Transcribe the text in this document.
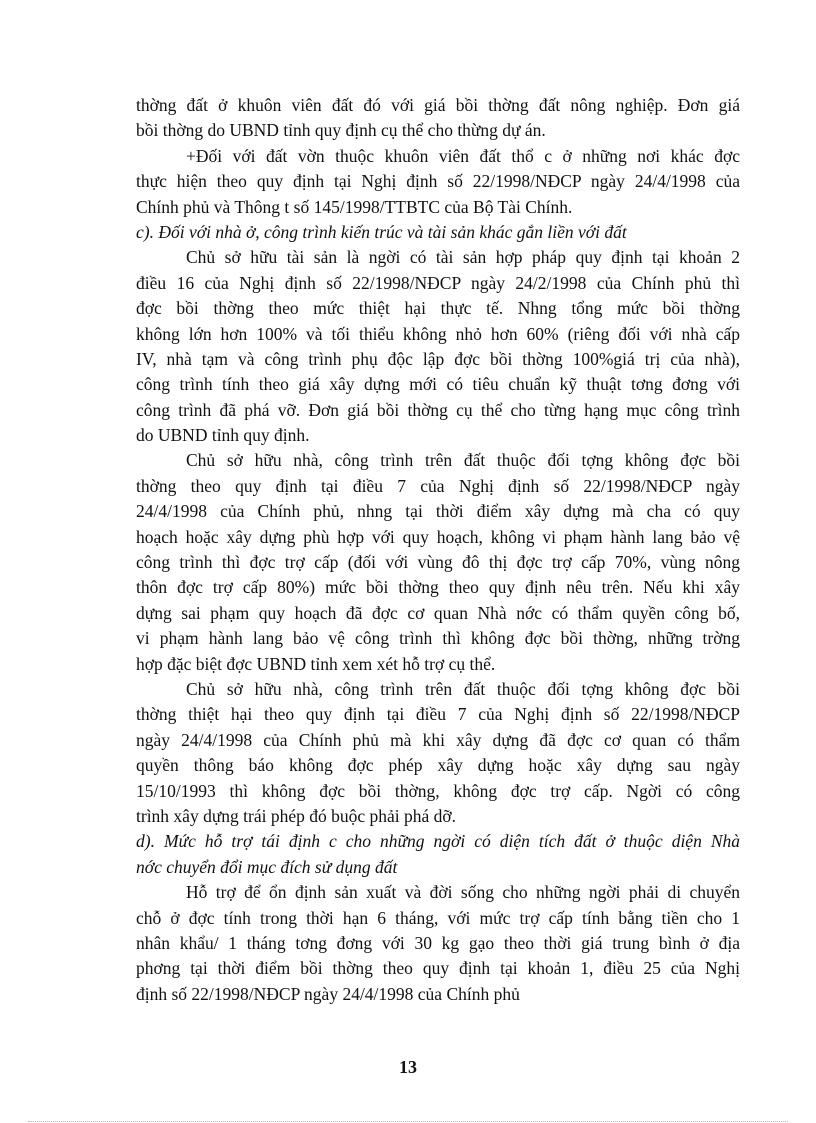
thờng đất ở khuôn viên đất đó với giá bồi thờng đất nông nghiệp. Đơn giá
bồi thờng do UBND tỉnh quy định cụ thể cho thừng dự án.
+Đối với đất vờn thuộc khuôn viên đất thổ c ở những nơi khác đợc
thực hiện theo quy định tại Nghị định số 22/1998/NĐCP ngày 24/4/1998 của
Chính phủ và Thông t số 145/1998/TTBTC của Bộ Tài Chính.
c). Đối với nhà ở, công trình kiến trúc và tài sản khác gắn liền với đất
Chủ sở hữu tài sản là ngời có tài sản hợp pháp quy định tại khoản 2
điều 16 của Nghị định số 22/1998/NĐCP ngày 24/2/1998 của Chính phủ thì
đợc bồi thờng theo mức thiệt hại thực tế. Nhng tổng mức bồi thờng
không lớn hơn 100% và tối thiểu không nhỏ hơn 60% (riêng đối với nhà cấp
IV, nhà tạm và công trình phụ độc lập đợc bồi thờng 100%giá trị của nhà),
công trình tính theo giá xây dựng mới có tiêu chuẩn kỹ thuật tơng đơng với
công trình đã phá vỡ. Đơn giá bồi thờng cụ thể cho từng hạng mục công trình
do UBND tỉnh quy định.
Chủ sở hữu nhà, công trình trên đất thuộc đối tợng không đợc bồi
thờng theo quy định tại điều 7 của Nghị định số 22/1998/NĐCP ngày
24/4/1998 của Chính phủ, nhng tại thời điểm xây dựng mà cha có quy
hoạch hoặc xây dựng phù hợp với quy hoạch, không vi phạm hành lang bảo vệ
công trình thì đợc trợ cấp (đối với vùng đô thị đợc trợ cấp 70%, vùng nông
thôn đợc trợ cấp 80%) mức bồi thờng theo quy định nêu trên. Nếu khi xây
dựng sai phạm quy hoạch đã đợc cơ quan Nhà nớc có thẩm quyền công bố,
vi phạm hành lang bảo vệ công trình thì không đợc bồi thờng, những trờng
hợp đặc biệt đợc UBND tỉnh xem xét hỗ trợ cụ thể.
Chủ sở hữu nhà, công trình trên đất thuộc đối tợng không đợc bồi
thờng thiệt hại theo quy định tại điều 7 của Nghị định số 22/1998/NĐCP
ngày 24/4/1998 của Chính phủ mà khi xây dựng đã đợc cơ quan có thẩm
quyền thông báo không đợc phép xây dựng hoặc xây dựng sau ngày
15/10/1993 thì không đợc bồi thờng, không đợc trợ cấp. Ngời có công
trình xây dựng trái phép đó buộc phải phá dỡ.
d). Mức hỗ trợ tái định c cho những ngời có diện tích đất ở thuộc diện Nhà
nớc chuyển đổi mục đích sử dụng đất
Hỗ trợ để ổn định sản xuất và đời sống cho những ngời phải di chuyển
chỗ ở đợc tính trong thời hạn 6 tháng, với mức trợ cấp tính bằng tiền cho 1
nhân khẩu/ 1 tháng tơng đơng với 30 kg gạo theo thời giá trung bình ở địa
phơng tại thời điểm bồi thờng theo quy định tại khoản 1, điều 25 của Nghị
định số 22/1998/NĐCP ngày 24/4/1998 của Chính phủ
13
